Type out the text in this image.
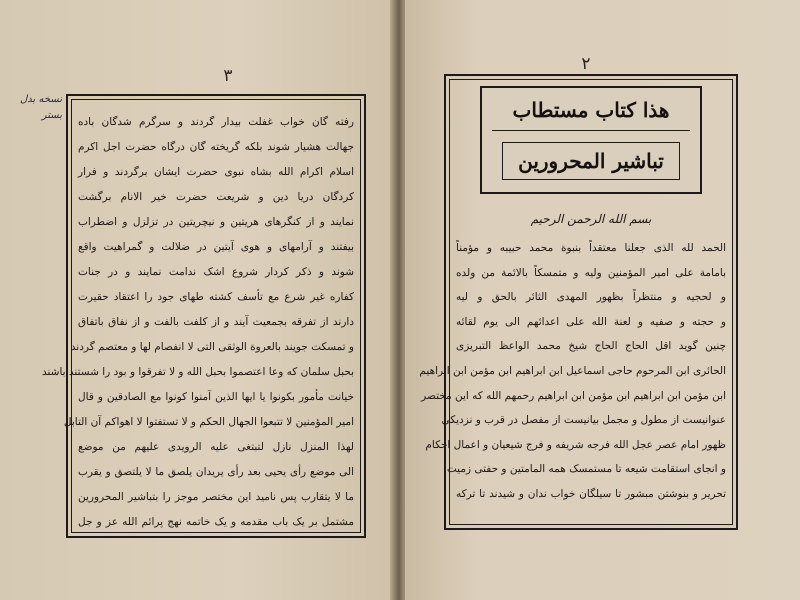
٣
نسخه بدل
بستر
رفته گان خواب غفلت بیدار گردند و سرگرم شدگان باده
جهالت هشیار شوند بلکه گریخته گان درگاه حضرت اجل اکرم
اسلام اکرام الله بشاه نبوی حضرت ایشان برگردند و فرار
کردگان دریا دین و شریعت حضرت خیر الانام برگشت
نمایند و از کنگرهای هریتین و نیچریتین در تزلزل و اضطراب
بیفتند و آرامهای و هوی آیتین در ضلالت و گمراهیت واقع
شوند و ذکر کردار شروع اشک ندامت نمایند و در جنات
کفاره غیر شرع مع تأسف کشته طهای جود را اعتقاد حقیرت
دارند از تفرقه بجمعیت آیند و از کلفت بالفت و از نفاق باتفاق
و تمسکت جویند بالعروة الوثقی التی لا انفصام لها و معتصم گردند
بحبل سلمان که وعا اعتصموا بحبل الله و لا تفرقوا و بود را شستند باشند
خیانت مأمور بکونوا یا ایها الذین آمنوا کونوا مع الصادقین و قال
امیر المؤمنین لا تتبعوا الجهال الحکم و لا تستفتوا لا اهواکم آن التابل
لهذا المنزل نازل لتبتغی علیه الرویدی علیهم من موضع
الی موضع رأی یحیی بعد رأی یریدان یلصق ما لا یلتصق و یقرب
ما لا یتقارب پس نامید این مختصر موجز را بتباشیر المحرورین
مشتمل بر یک باب مقدمه و یک خاتمه نهج پرائم الله عز و جل
٢
هذا کتاب مستطاب
تباشیر المحرورین
بسم الله الرحمن الرحیم
الحمد لله الذی جعلنا معتقداً بنبوة محمد حبیبه و مؤمناً
بامامة علی امیر المؤمنین ولیه و متمسکاً بالائمة من ولده
و لحجیه و منتظراً بظهور المهدی الثائر بالحق و لیه
و حجته و صفیه و لعنة الله علی اعدائهم الی یوم لقائه
چنین گوید اقل الحاج الحاج شیخ محمد الواعظ التبریزی
الحائری ابن المرحوم حاجی اسماعیل ابن ابراهیم ابن مؤمن ابن ابراهیم
ابن مؤمن ابن ابراهیم ابن مؤمن ابن ابراهیم رحمهم الله که این مختصر
عنوانیست از مطول و مجمل بیانیست از مفصل در قرب و نزدیکی
ظهور امام عصر عجل الله فرجه شریفه و فرج شیعیان و اعمال احکام
و انجای استقامت شیعه تا مستمسک همه المامتین و حفتی زمیت
تحریر و بنوشتن مبشور تا سیلگان خواب ندان و شیدند تا ترکه
